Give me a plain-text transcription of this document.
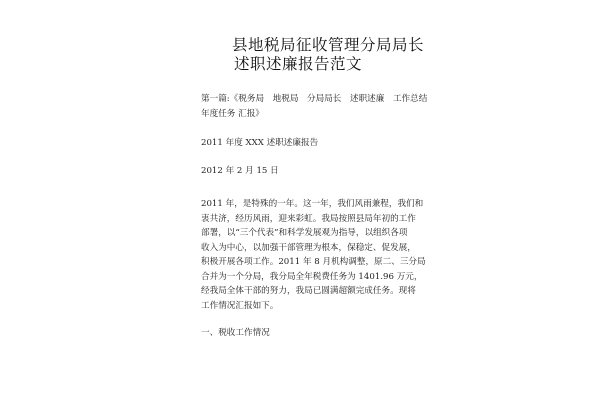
县地税局征收管理分局局长
述职述廉报告范文
第一篇:《税务局　地税局　分局局长　述职述廉　工作总结
年度任务 汇报》
2011 年度 XXX 述职述廉报告
2012 年 2 月 15 日
2011 年，是特殊的一年。这一年，我们风雨兼程，我们和
衷共济，经历风雨，迎来彩虹。我局按照县局年初的工作
部署，以“三个代表”和科学发展观为指导，以组织各项
收入为中心，以加强干部管理为根本，保稳定、促发展，
积极开展各项工作。2011 年 8 月机构调整，原二、三分局
合并为一个分局，我分局全年税费任务为 1401.96 万元，
经我局全体干部的努力，我局已圆满超额完成任务。现将
工作情况汇报如下。
一、税收工作情况
